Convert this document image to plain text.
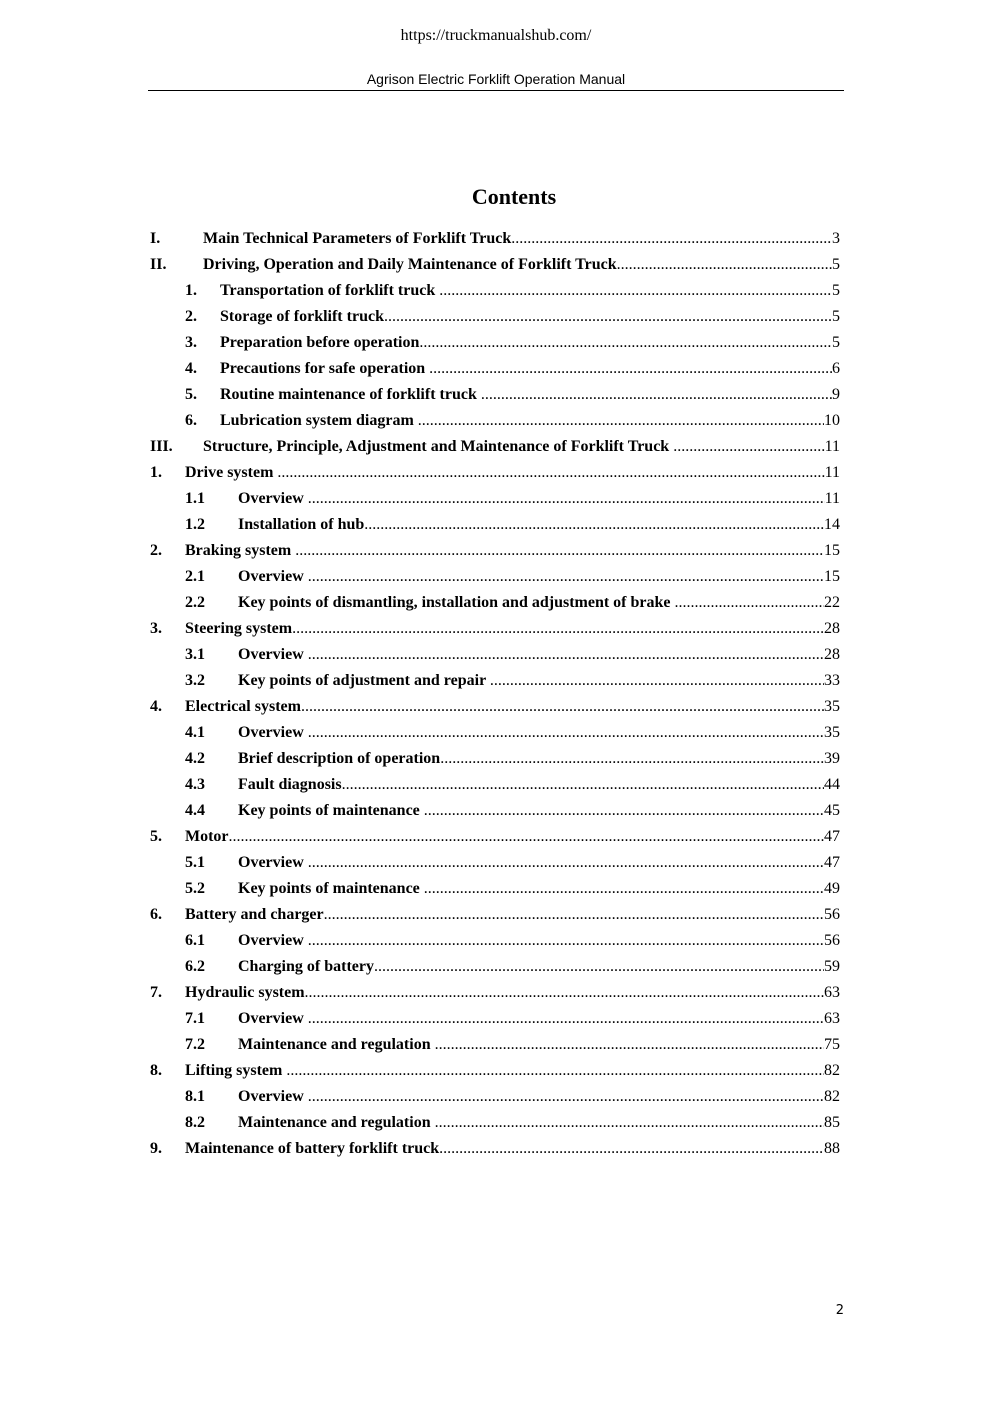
https://truckmanualshub.com/
Agrison Electric Forklift Operation Manual
Contents
I.	Main Technical Parameters of Forklift Truck .....	3
II.	Driving, Operation and Daily Maintenance of Forklift Truck .....	5
1.	Transportation of forklift truck .....	5
2.	Storage of forklift truck .....	5
3.	Preparation before operation .....	5
4.	Precautions for safe operation .....	6
5.	Routine maintenance of forklift truck .....	9
6.	Lubrication system diagram .....	10
III.	Structure, Principle, Adjustment and Maintenance of Forklift Truck .....	11
1.	Drive system .....	11
1.1	Overview .....	11
1.2	Installation of hub .....	14
2.	Braking system .....	15
2.1	Overview .....	15
2.2	Key points of dismantling, installation and adjustment of brake .....	22
3.	Steering system .....	28
3.1	Overview .....	28
3.2	Key points of adjustment and repair .....	33
4.	Electrical system .....	35
4.1	Overview .....	35
4.2	Brief description of operation .....	39
4.3	Fault diagnosis .....	44
4.4	Key points of maintenance .....	45
5.	Motor .....	47
5.1	Overview .....	47
5.2	Key points of maintenance .....	49
6.	Battery and charger .....	56
6.1	Overview .....	56
6.2	Charging of battery .....	59
7.	Hydraulic system .....	63
7.1	Overview .....	63
7.2	Maintenance and regulation .....	75
8.	Lifting system .....	82
8.1	Overview .....	82
8.2	Maintenance and regulation .....	85
9.	Maintenance of battery forklift truck .....	88
2
